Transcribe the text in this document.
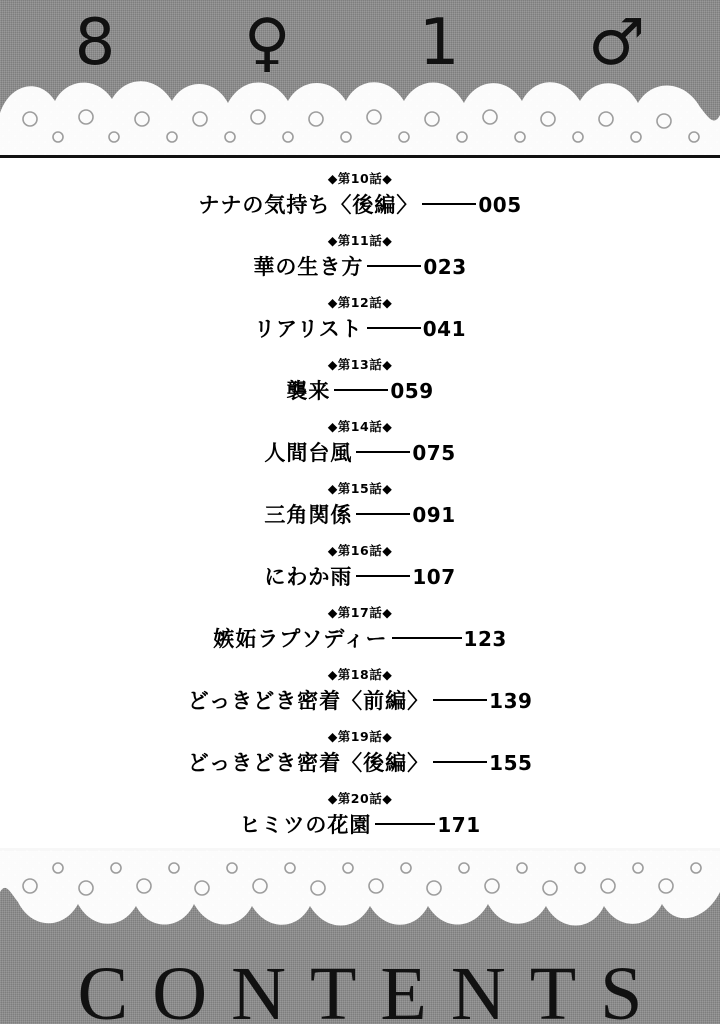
8 ♀ 1 ♂
◆第10話◆
ナナの気持ち〈後編〉	005
◆第11話◆
華の生き方	023
◆第12話◆
リアリスト	041
◆第13話◆
襲来	059
◆第14話◆
人間台風	075
◆第15話◆
三角関係	091
◆第16話◆
にわか雨	107
◆第17話◆
嫉妬ラプソディー	123
◆第18話◆
どっきどき密着〈前編〉	139
◆第19話◆
どっきどき密着〈後編〉	155
◆第20話◆
ヒミツの花園	171
CONTENTS
